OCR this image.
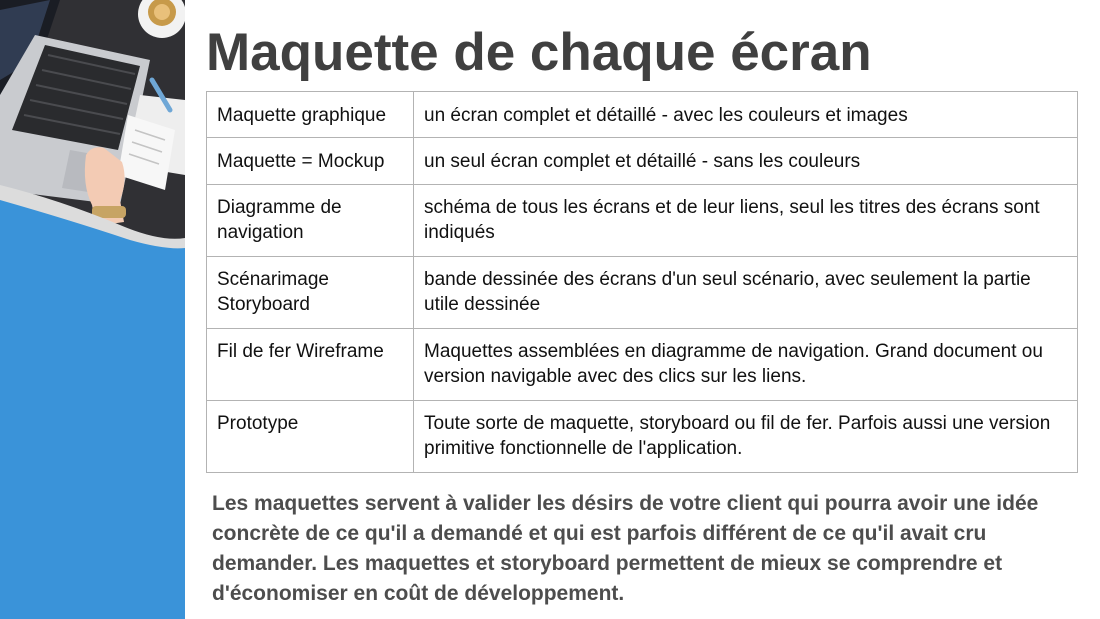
Maquette de chaque écran
Maquette graphique	un écran complet et détaillé - avec les couleurs et images
Maquette = Mockup	un seul écran complet et détaillé - sans les couleurs
Diagramme de navigation	schéma de tous les écrans et de leur liens, seul les titres des écrans sont indiqués
Scénarimage Storyboard	bande dessinée des écrans d'un seul scénario, avec seulement la partie utile dessinée
Fil de fer Wireframe	Maquettes assemblées en diagramme de navigation. Grand document ou version navigable avec des clics sur les liens.
Prototype	Toute sorte de maquette, storyboard ou fil de fer. Parfois aussi une version primitive fonctionnelle de l'application.

Les maquettes servent à valider les désirs de votre client qui pourra avoir une idée concrète de ce qu'il a demandé et qui est parfois différent de ce qu'il avait cru demander. Les maquettes et storyboard permettent de mieux se comprendre et d'économiser en coût de développement.
